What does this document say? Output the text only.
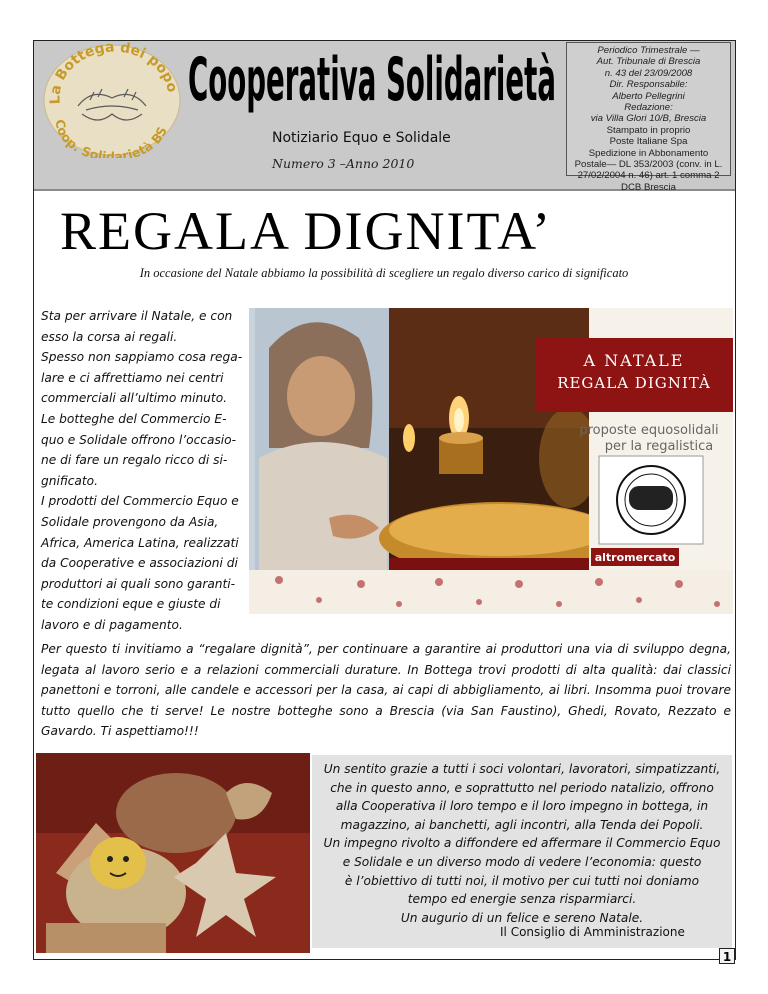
La Bottega dei popo
Coop. Solidarietà BS
Cooperativa Solidarietà
Notiziario Equo e Solidale
Numero 3 –Anno 2010
Periodico Trimestrale —
Aut. Tribunale di Brescia
n. 43 del 23/09/2008
Dir. Responsabile:
Alberto Pellegrini
Redazione:
via Villa Glori 10/B, Brescia
Stampato in proprio
Poste Italiane Spa
Spedizione in Abbonamento
Postale— DL 353/2003 (conv. in L.
27/02/2004 n. 46) art. 1 comma 2
DCB Brescia
REGALA DIGNITA’
In occasione del Natale abbiamo la possibilità di scegliere un regalo diverso carico di significato

Sta per arrivare il Natale, e con

esso la corsa ai regali.

Spesso non sappiamo cosa rega-

lare e ci affrettiamo nei centri

commerciali all’ultimo minuto.

Le botteghe del Commercio E-

quo e Solidale offrono l’occasio-

ne di fare un regalo ricco di si-

gnificato.

I prodotti del Commercio Equo e

Solidale provengono da Asia,

Africa, America Latina, realizzati

da Cooperative e associazioni di

produttori ai quali sono garanti-

te condizioni eque e giuste di

lavoro e di pagamento.

A NATALE
REGALA DIGNITÀ
proposte equosolidali
per la regalistica
altromercato
Per questo ti invitiamo a “regalare dignità”, per continuare a garantire ai produttori una via di sviluppo degna, legata al lavoro serio e a relazioni commerciali durature. In Bottega trovi prodotti di alta qualità: dai classici panettoni e torroni, alle candele e accessori per la casa, ai capi di abbigliamento, ai libri. Insomma puoi trovare tutto quello che ti serve! Le nostre botteghe sono a Brescia (via San Faustino), Ghedi, Rovato, Rezzato e Gavardo. Ti aspettiamo!!!
Un sentito grazie a tutti i soci volontari, lavoratori, simpatizzanti,
che in questo anno, e soprattutto nel periodo natalizio, offrono
alla Cooperativa il loro tempo e il loro impegno in bottega, in
magazzino, ai banchetti, agli incontri, alla Tenda dei Popoli.
Un impegno rivolto a diffondere ed affermare il Commercio Equo
e Solidale e un diverso modo di vedere l’economia: questo
è l’obiettivo di tutti noi, il motivo per cui tutti noi doniamo
tempo ed energie senza risparmiarci.
Un augurio di un felice e sereno Natale.
Il Consiglio di Amministrazione
1
